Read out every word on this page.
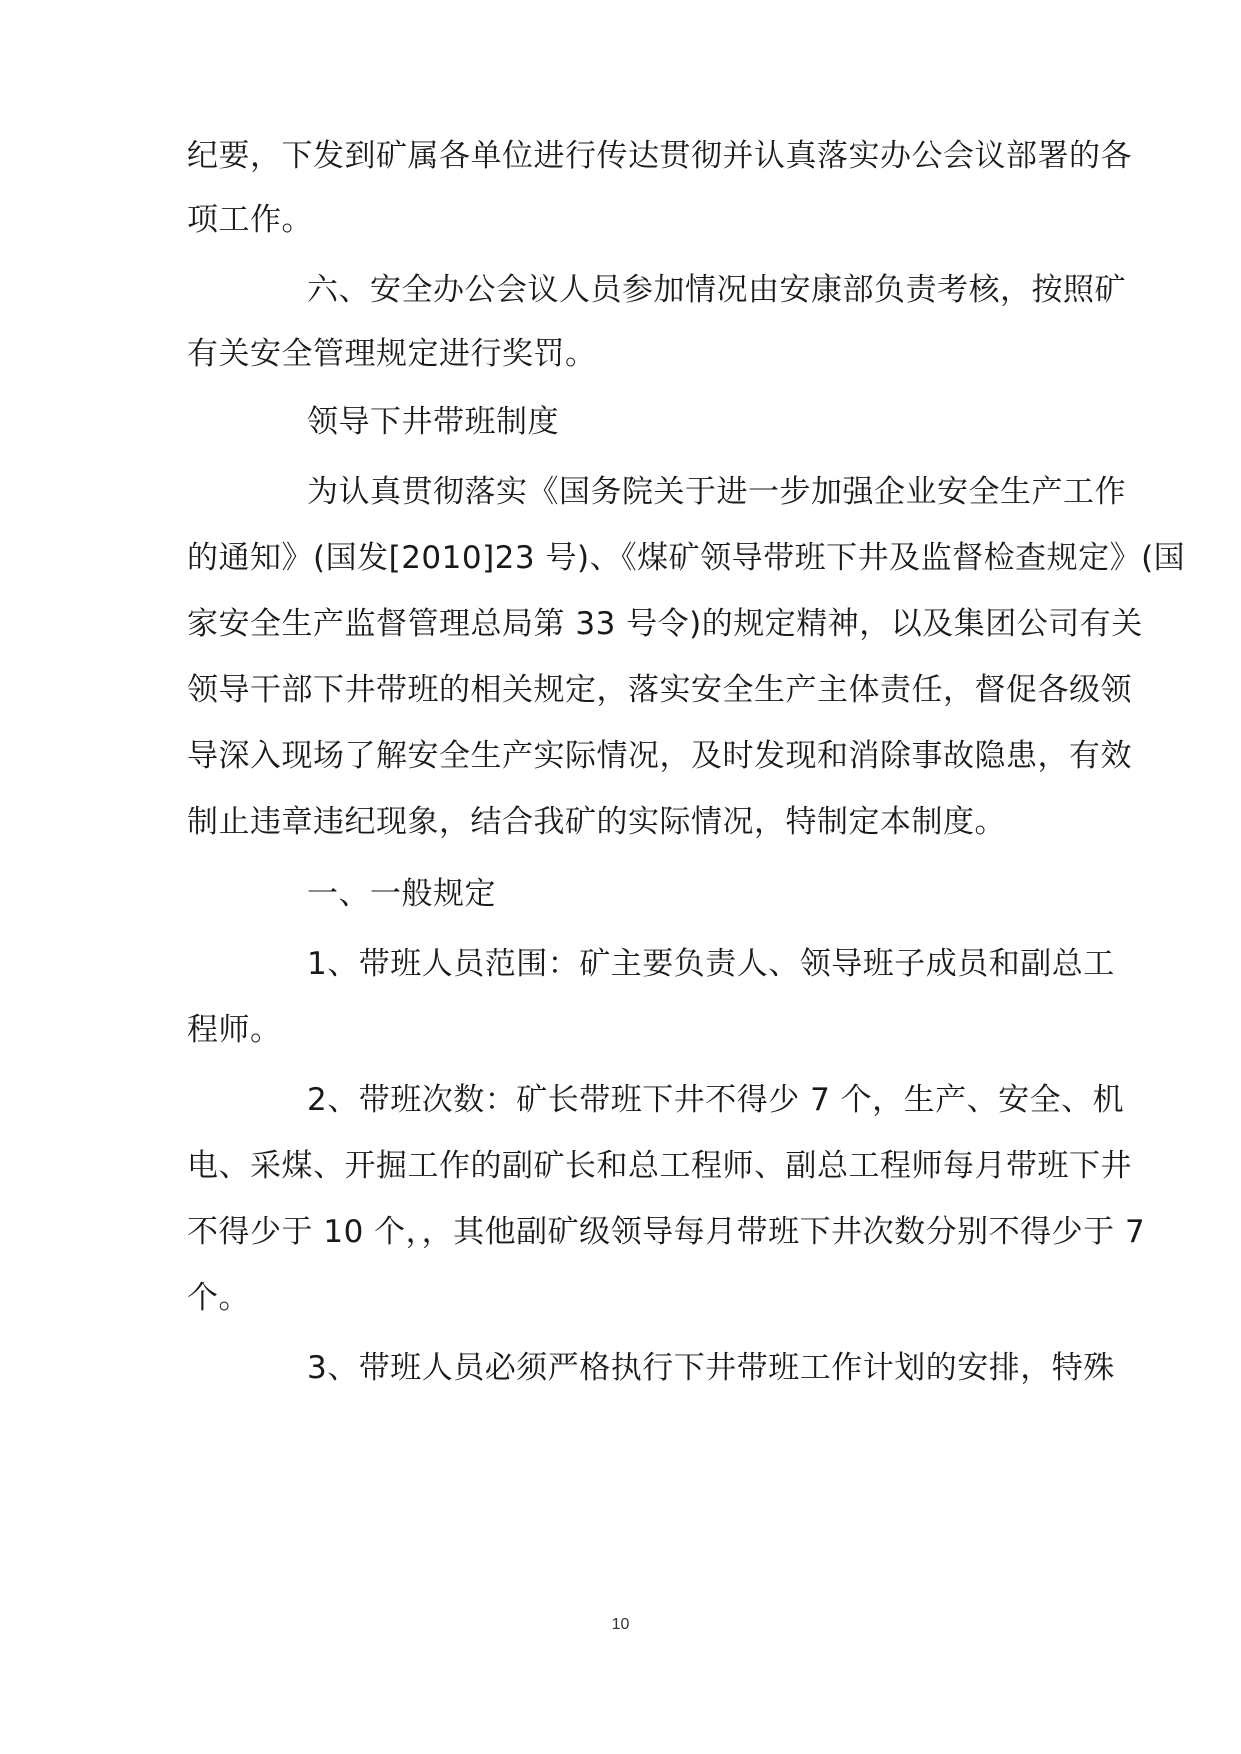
纪要，下发到矿属各单位进行传达贯彻并认真落实办公会议部署的各
项工作。
六、安全办公会议人员参加情况由安康部负责考核，按照矿
有关安全管理规定进行奖罚。
领导下井带班制度
为认真贯彻落实《国务院关于进一步加强企业安全生产工作
的通知》(国发[2010]23 号)、《煤矿领导带班下井及监督检查规定》(国
家安全生产监督管理总局第 33 号令)的规定精神，以及集团公司有关
领导干部下井带班的相关规定，落实安全生产主体责任，督促各级领
导深入现场了解安全生产实际情况，及时发现和消除事故隐患，有效
制止违章违纪现象，结合我矿的实际情况，特制定本制度。
一、一般规定
1、带班人员范围：矿主要负责人、领导班子成员和副总工
程师。
2、带班次数：矿长带班下井不得少 7 个，生产、安全、机
电、采煤、开掘工作的副矿长和总工程师、副总工程师每月带班下井
不得少于 10 个，，其他副矿级领导每月带班下井次数分别不得少于 7
个。
3、带班人员必须严格执行下井带班工作计划的安排，特殊
10
